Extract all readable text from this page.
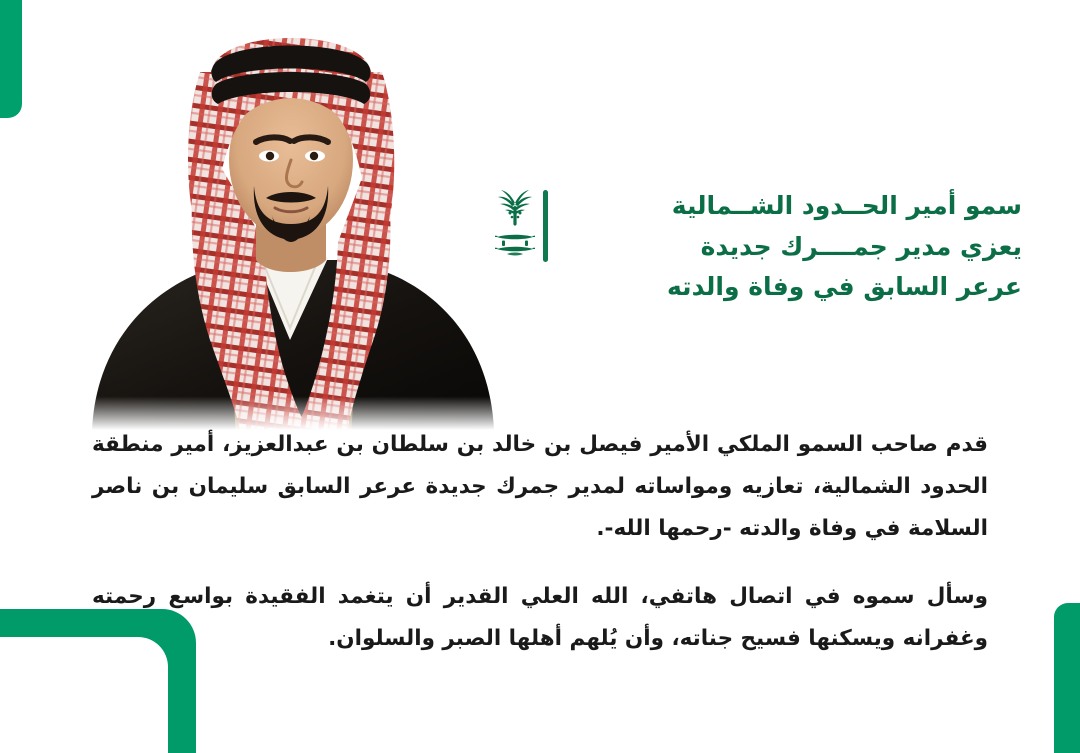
سمو أمير الحــدود الشــمالية
يعزي مدير جمــــرك جديدة
عرعر السابق في وفاة والدته

قدم صاحب السمو الملكي الأمير فيصل بن خالد بن سلطان بن عبدالعزيز، أمير منطقة الحدود الشمالية، تعازيه ومواساته لمدير جمرك جديدة عرعر السابق سليمان بن ناصر السلامة في وفاة والدته -رحمها الله-.

وسأل سموه في اتصال هاتفي، الله العلي القدير أن يتغمد الفقيدة بواسع رحمته وغفرانه ويسكنها فسيح جناته، وأن يُلهم أهلها الصبر والسلوان.
